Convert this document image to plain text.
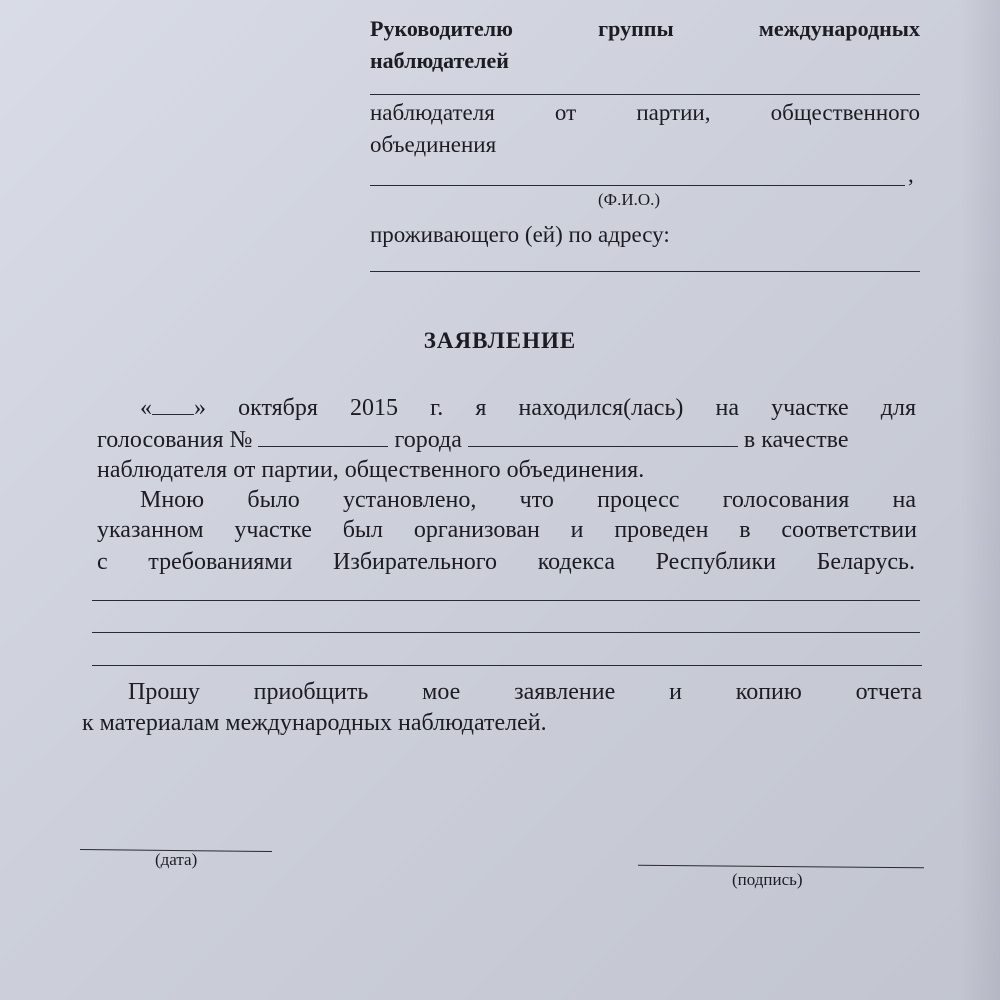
Руководителю группы международных
наблюдателей
наблюдателя от партии, общественного
объединения
,
(Ф.И.О.)
проживающего (ей) по адресу:
ЗАЯВЛЕНИЕ
« » октября 2015 г. я находился(лась) на участке для
голосования №	города	в качестве
наблюдателя от партии, общественного объединения.
Мною было установлено, что процесс голосования на
указанном участке был организован и проведен в соответствии
с требованиями Избирательного кодекса Республики Беларусь.
Прошу приобщить мое заявление и копию отчета
к материалам международных наблюдателей.
(дата)
(подпись)
